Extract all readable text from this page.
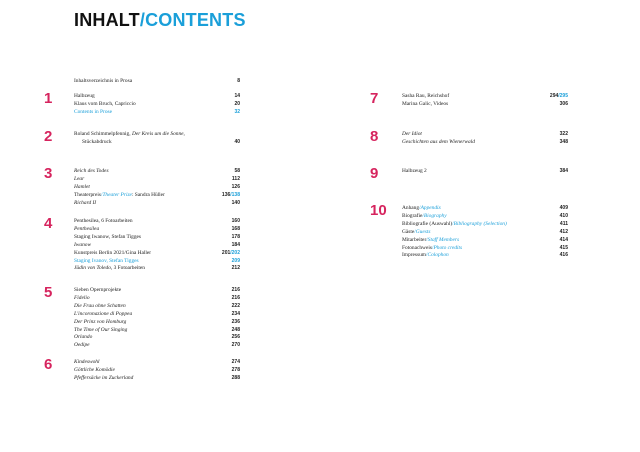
INHALT/CONTENTS
Inhaltsverzeichnis in Prosa	8
1	Halbzeug	14
Klaus vom Bruch, Capriccio	20
Contents in Prose	32
2	Roland Schimmelpfennig, Der Kreis um die Sonne,
Stückabdruck	40
3	Reich des Todes	58
Lear	112
Hamlet	126
Theaterpreis/Theater Prize: Sandra Hüller	136/138
Richard II	140
4	Penthesilea, 6 Fotoarbeiten	160
Penthesilea	168
Staging Iwanow, Stefan Tigges	178
Iwanow	184
Kunstpreis Berlin 2021/Gina Haller	201/202
Staging Ivanov, Stefan Tigges	209
Jüdin von Toledo, 3 Fotoarbeiten	212
5	Sieben Opernprojekte	216
Fidelio	216
Die Frau ohne Schatten	222
L'incoronazione di Poppea	234
Der Prinz von Homburg	236
The Time of Our Singing	248
Orlando	256
Oedipe	270
6	Kindeswohl	274
Göttliche Komödie	278
Pfeffersäcke im Zuckerland	288
7	Sasha Rau, Reichshof	294/295
Marina Galic, Videos	306
8	Der Idiot	322
Geschichten aus dem Wienerwald	348
9	Halbzeug 2	384
10	Anhang/Appendix	409
Biografie/Biography	410
Bibliografie (Auswahl)/Bibliography (Selection)	411
Gäste/Guests	412
Mitarbeiter/Staff Members	414
Fotonachweis/Photo credits	415
Impressum/Colophon	416
